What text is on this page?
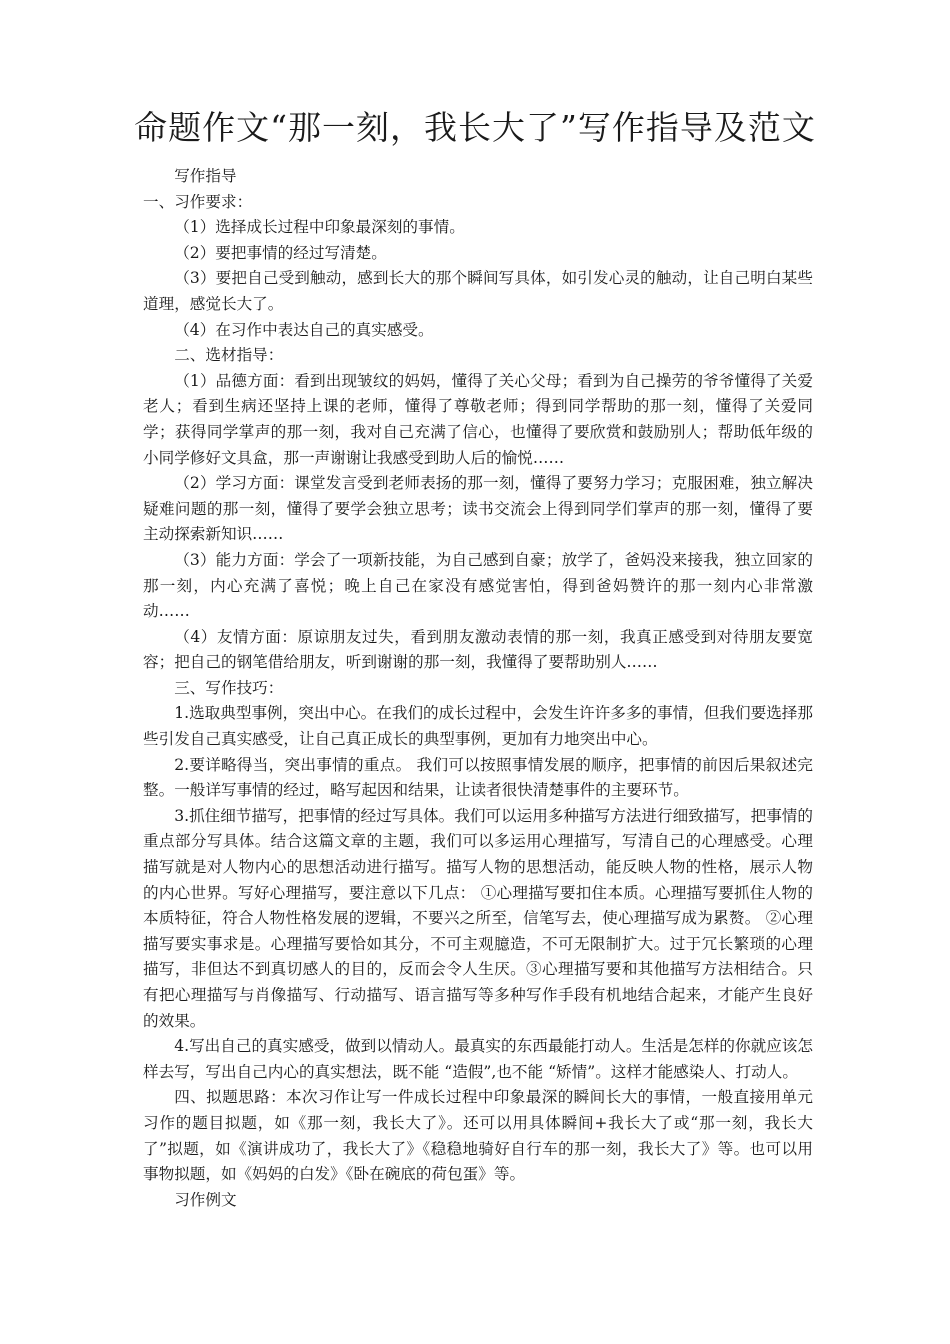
命题作文“那一刻，我长大了”写作指导及范文

写作指导

一、习作要求：

（1）选择成长过程中印象最深刻的事情。

（2）要把事情的经过写清楚。

（3）要把自己受到触动，感到长大的那个瞬间写具体，如引发心灵的触动，让自己明白某些道理，感觉长大了。

（4）在习作中表达自己的真实感受。

二、选材指导：

（1）品德方面：看到出现皱纹的妈妈，懂得了关心父母；看到为自己操劳的爷爷懂得了关爱老人；看到生病还坚持上课的老师，懂得了尊敬老师；得到同学帮助的那一刻，懂得了关爱同学；获得同学掌声的那一刻，我对自己充满了信心，也懂得了要欣赏和鼓励别人；帮助低年级的小同学修好文具盒，那一声谢谢让我感受到助人后的愉悦……

（2）学习方面：课堂发言受到老师表扬的那一刻，懂得了要努力学习；克服困难，独立解决疑难问题的那一刻，懂得了要学会独立思考；读书交流会上得到同学们掌声的那一刻，懂得了要主动探索新知识……

（3）能力方面：学会了一项新技能，为自己感到自豪；放学了，爸妈没来接我，独立回家的那一刻，内心充满了喜悦；晚上自己在家没有感觉害怕，得到爸妈赞许的那一刻内心非常激动……

（4）友情方面：原谅朋友过失，看到朋友激动表情的那一刻，我真正感受到对待朋友要宽容；把自己的钢笔借给朋友，听到谢谢的那一刻，我懂得了要帮助别人……

三、写作技巧：

1.选取典型事例，突出中心。在我们的成长过程中，会发生许许多多的事情，但我们要选择那些引发自己真实感受，让自己真正成长的典型事例，更加有力地突出中心。

2.要详略得当，突出事情的重点。 我们可以按照事情发展的顺序，把事情的前因后果叙述完整。一般详写事情的经过，略写起因和结果，让读者很快清楚事件的主要环节。

3.抓住细节描写，把事情的经过写具体。我们可以运用多种描写方法进行细致描写，把事情的重点部分写具体。结合这篇文章的主题，我们可以多运用心理描写，写清自己的心理感受。心理描写就是对人物内心的思想活动进行描写。描写人物的思想活动，能反映人物的性格，展示人物的内心世界。写好心理描写，要注意以下几点： ①心理描写要扣住本质。心理描写要抓住人物的本质特征，符合人物性格发展的逻辑，不要兴之所至，信笔写去，使心理描写成为累赘。 ②心理描写要实事求是。心理描写要恰如其分，不可主观臆造，不可无限制扩大。过于冗长繁琐的心理描写，非但达不到真切感人的目的，反而会令人生厌。③心理描写要和其他描写方法相结合。只有把心理描写与肖像描写、行动描写、语言描写等多种写作手段有机地结合起来，才能产生良好的效果。

4.写出自己的真实感受，做到以情动人。最真实的东西最能打动人。生活是怎样的你就应该怎样去写，写出自己内心的真实想法，既不能 “造假”,也不能 “矫情”。这样才能感染人、打动人。

四、拟题思路：本次习作让写一件成长过程中印象最深的瞬间长大的事情，一般直接用单元习作的题目拟题，如《那一刻，我长大了》。还可以用具体瞬间+我长大了或“那一刻，我长大了”拟题，如《演讲成功了，我长大了》《稳稳地骑好自行车的那一刻，我长大了》等。也可以用事物拟题，如《妈妈的白发》《卧在碗底的荷包蛋》等。

习作例文
